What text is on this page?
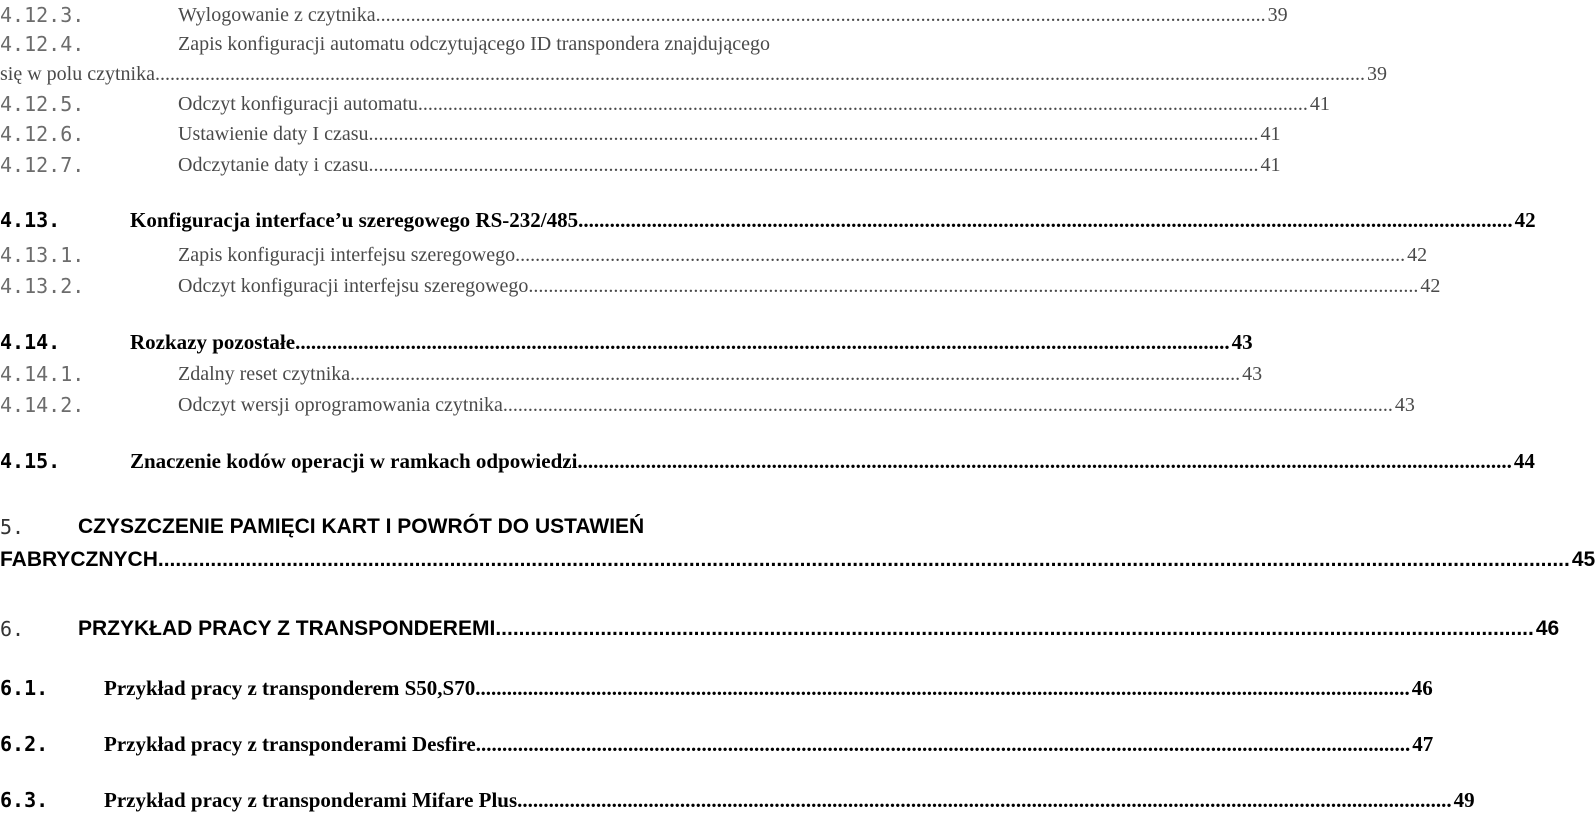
4.12.3.	Wylogowanie z czytnika .................................................................................................................................................................................. 39
4.12.4.	Zapis konfiguracji automatu odczytującego ID transpondera znajdującego
się w polu czytnika .................................................................................................................................................................................................................................................. 39
4.12.5.	Odczyt konfiguracji automatu .................................................................................................................................................................................. 41
4.12.6.	Ustawienie daty I czasu .................................................................................................................................................................................. 41
4.12.7.	Odczytanie daty i czasu .................................................................................................................................................................................. 41
4.13.	Konfiguracja interface’u szeregowego RS-232/485 .................................................................................................................................................................................. 42
4.13.1.	Zapis konfiguracji interfejsu szeregowego .................................................................................................................................................................................. 42
4.13.2.	Odczyt konfiguracji interfejsu szeregowego .................................................................................................................................................................................. 42
4.14.	Rozkazy pozostałe .................................................................................................................................................................................. 43
4.14.1.	Zdalny reset czytnika .................................................................................................................................................................................. 43
4.14.2.	Odczyt wersji oprogramowania czytnika .................................................................................................................................................................................. 43
4.15.	Znaczenie kodów operacji w ramkach odpowiedzi .................................................................................................................................................................................. 44
5.	CZYSZCZENIE PAMIĘCI KART I POWRÓT DO USTAWIEŃ
FABRYCZNYCH .................................................................................................................................................................................................................................................. 45
6.	PRZYKŁAD PRACY Z TRANSPONDEREMI .................................................................................................................................................................................. 46
6.1.	Przykład pracy z transponderem S50,S70 .................................................................................................................................................................................. 46
6.2.	Przykład pracy z transponderami Desfire .................................................................................................................................................................................. 47
6.3.	Przykład pracy z transponderami Mifare Plus .................................................................................................................................................................................. 49
